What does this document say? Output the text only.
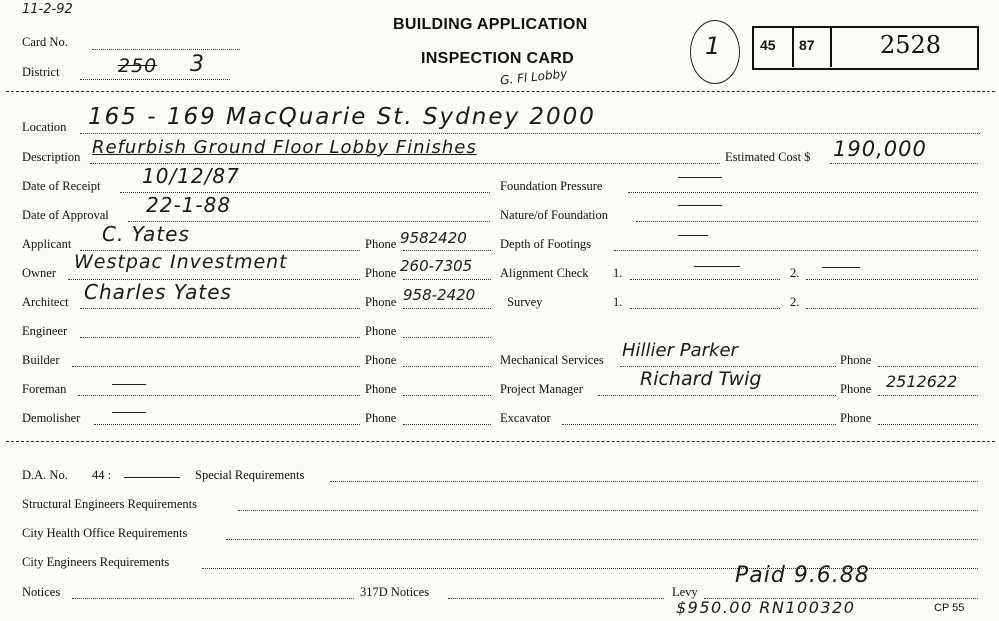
11-2-92
Card No.
District	250 3
BUILDING APPLICATION
INSPECTION CARD
G. Fl Lobby
1	45 87	2528
Location 165 - 169 MacQuarie St. Sydney 2000
Description Refurbish Ground Floor Lobby Finishes	Estimated Cost $ 190,000
Date of Receipt 10/12/87
Date of Approval 22-1-88
Applicant C. Yates	Phone 9582420
Owner Westpac Investment	Phone 260-7305
Architect Charles Yates	Phone 958-2420
Engineer	Phone
Builder	Phone
Foreman	Phone
Demolisher	Phone
Foundation Pressure
Nature/of Foundation
Depth of Footings
Alignment Check 1.	2.
Survey	1.	2.
Mechanical Services Hillier Parker	Phone
Project Manager	Richard Twig	Phone 2512622
Excavator	Phone
D.A. No. 44 :	Special Requirements
Structural Engineers Requirements
City Health Office Requirements
City Engineers Requirements
Notices	317D Notices	Levy
Paid 9.6.88
$950.00 RN100320	CP 55
